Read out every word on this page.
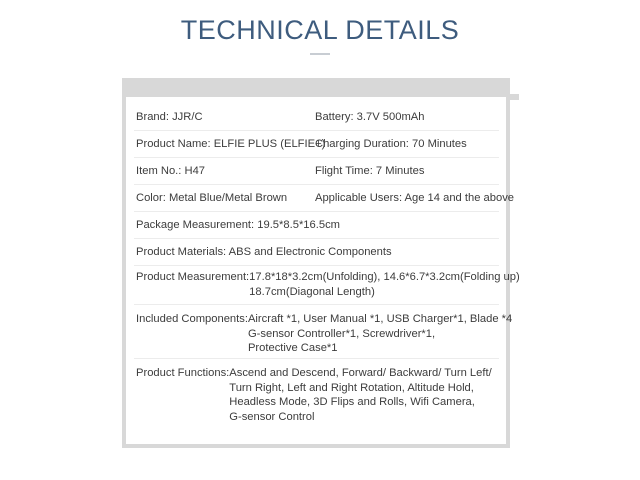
TECHNICAL DETAILS
Brand: JJR/C	Battery: 3.7V 500mAh
Product Name: ELFIE PLUS (ELFIE+)
Charging Duration: 70 Minutes
Item No.: H47	Flight Time: 7 Minutes
Color: Metal Blue/Metal Brown Applicable Users: Age 14 and the above
Package Measurement: 19.5*8.5*16.5cm
Product Materials: ABS and Electronic Components
Product Measurement: 17.8*18*3.2cm(Unfolding), 14.6*6.7*3.2cm(Folding up)
18.7cm(Diagonal Length)
Included Components: Aircraft *1, User Manual *1, USB Charger*1, Blade *4
G-sensor Controller*1, Screwdriver*1,
Protective Case*1
Product Functions: Ascend and Descend, Forward/ Backward/ Turn Left/
Turn Right, Left and Right Rotation, Altitude Hold,
Headless Mode, 3D Flips and Rolls, Wifi Camera,
G-sensor Control
